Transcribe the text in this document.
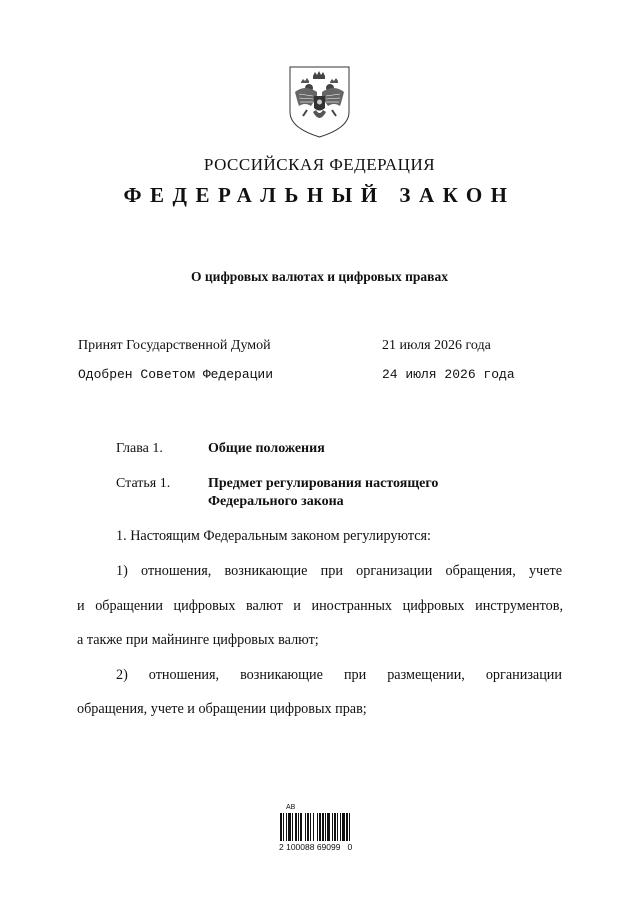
РОССИЙСКАЯ ФЕДЕРАЦИЯ
ФЕДЕРАЛЬНЫЙ ЗАКОН
О цифровых валютах и цифровых правах
Принят Государственной Думой	21 июля 2026 года
Одобрен Советом Федерации	24 июля 2026 года
Глава 1.	Общие положения
Статья 1.	Предмет регулирования настоящего
Федерального закона
1. Настоящим Федеральным законом регулируются:
1) отношения, возникающие при организации обращения, учете
и обращении цифровых валют и иностранных цифровых инструментов,
а также при майнинге цифровых валют;
2) отношения, возникающие при размещении, организации
обращения, учете и обращении цифровых прав;
АВ
2 100088 69099   0
